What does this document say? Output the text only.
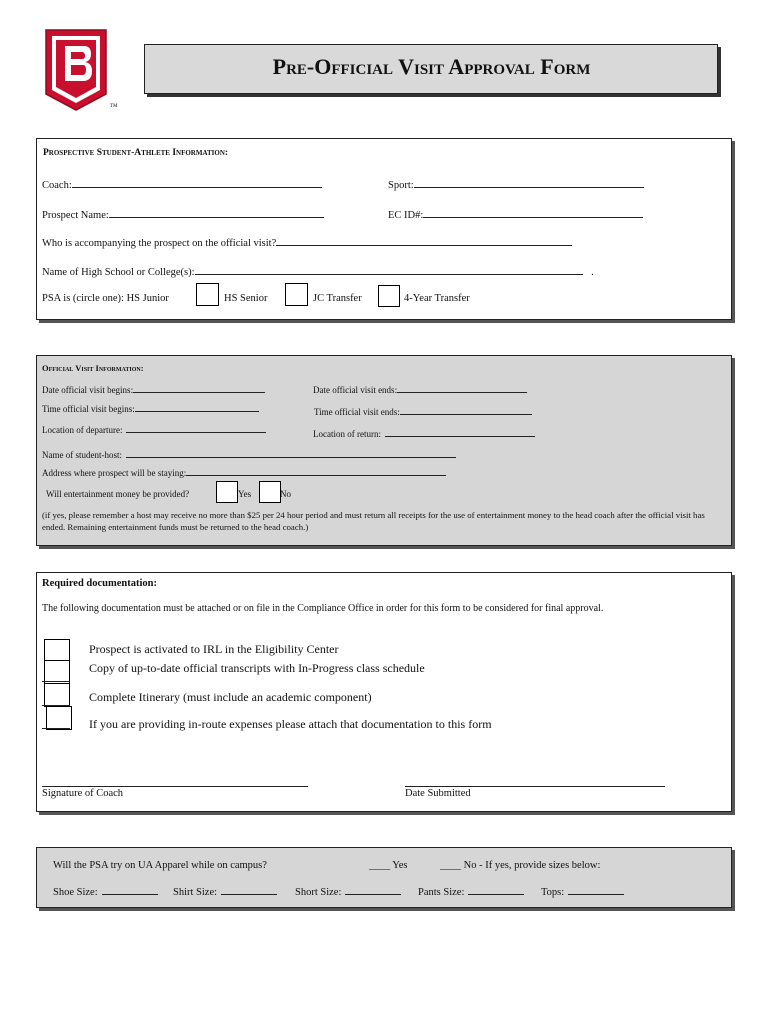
TM
Pre-Official Visit Approval Form
Prospective Student-Athlete Information:
Coach:	Sport:
Prospect Name:	EC ID#:
Who is accompanying the prospect on the official visit?
Name of High School or College(s):	.
PSA is (circle one): HS Junior	HS Senior	JC Transfer	4-Year Transfer
Official Visit Information:
Date official visit begins:	Date official visit ends:
Time official visit begins:	Time official visit ends:
Location of departure:	Location of return:
Name of student-host:
Address where prospect will be staying:
Will entertainment money be provided?	Yes	No
(if yes, please remember a host may receive no more than $25 per 24 hour period and must return all receipts for the use of entertainment money to the head coach after the official visit has ended. Remaining entertainment funds must be returned to the head coach.)
Required documentation:
The following documentation must be attached or on file in the Compliance Office in order for this form to be considered for final approval.
Prospect is activated to IRL in the Eligibility Center
Copy of up-to-date official transcripts with In-Progress class schedule
Complete Itinerary (must include an academic component)
If you are providing in-route expenses please attach that documentation to this form
Signature of Coach	Date Submitted
Will the PSA try on UA Apparel while on campus?	____ Yes	____ No - If yes, provide sizes below:
Shoe Size:	Shirt Size:	Short Size:	Pants Size:	Tops:
